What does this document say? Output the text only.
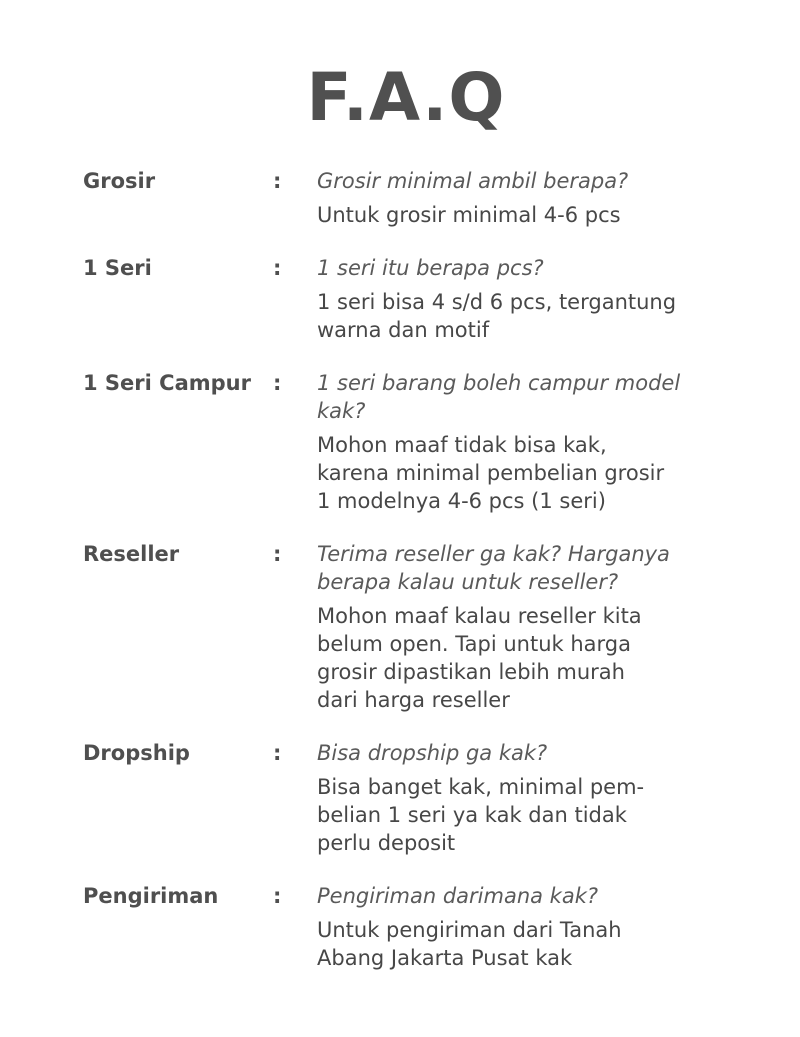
F.A.Q
Grosir	:	Grosir minimal ambil berapa?
Untuk grosir minimal 4-6 pcs
1 Seri	:	1 seri itu berapa pcs?
1 seri bisa 4 s/d 6 pcs, tergantung
warna dan motif
1 Seri Campur	:	1 seri barang boleh campur model
kak?
Mohon maaf tidak bisa kak,
karena minimal pembelian grosir
1 modelnya 4-6 pcs (1 seri)
Reseller	:	Terima reseller ga kak? Harganya
berapa kalau untuk reseller?
Mohon maaf kalau reseller kita
belum open. Tapi untuk harga
grosir dipastikan lebih murah
dari harga reseller
Dropship	:	Bisa dropship ga kak?
Bisa banget kak, minimal pem-
belian 1 seri ya kak dan tidak
perlu deposit
Pengiriman	:	Pengiriman darimana kak?
Untuk pengiriman dari Tanah
Abang Jakarta Pusat kak
